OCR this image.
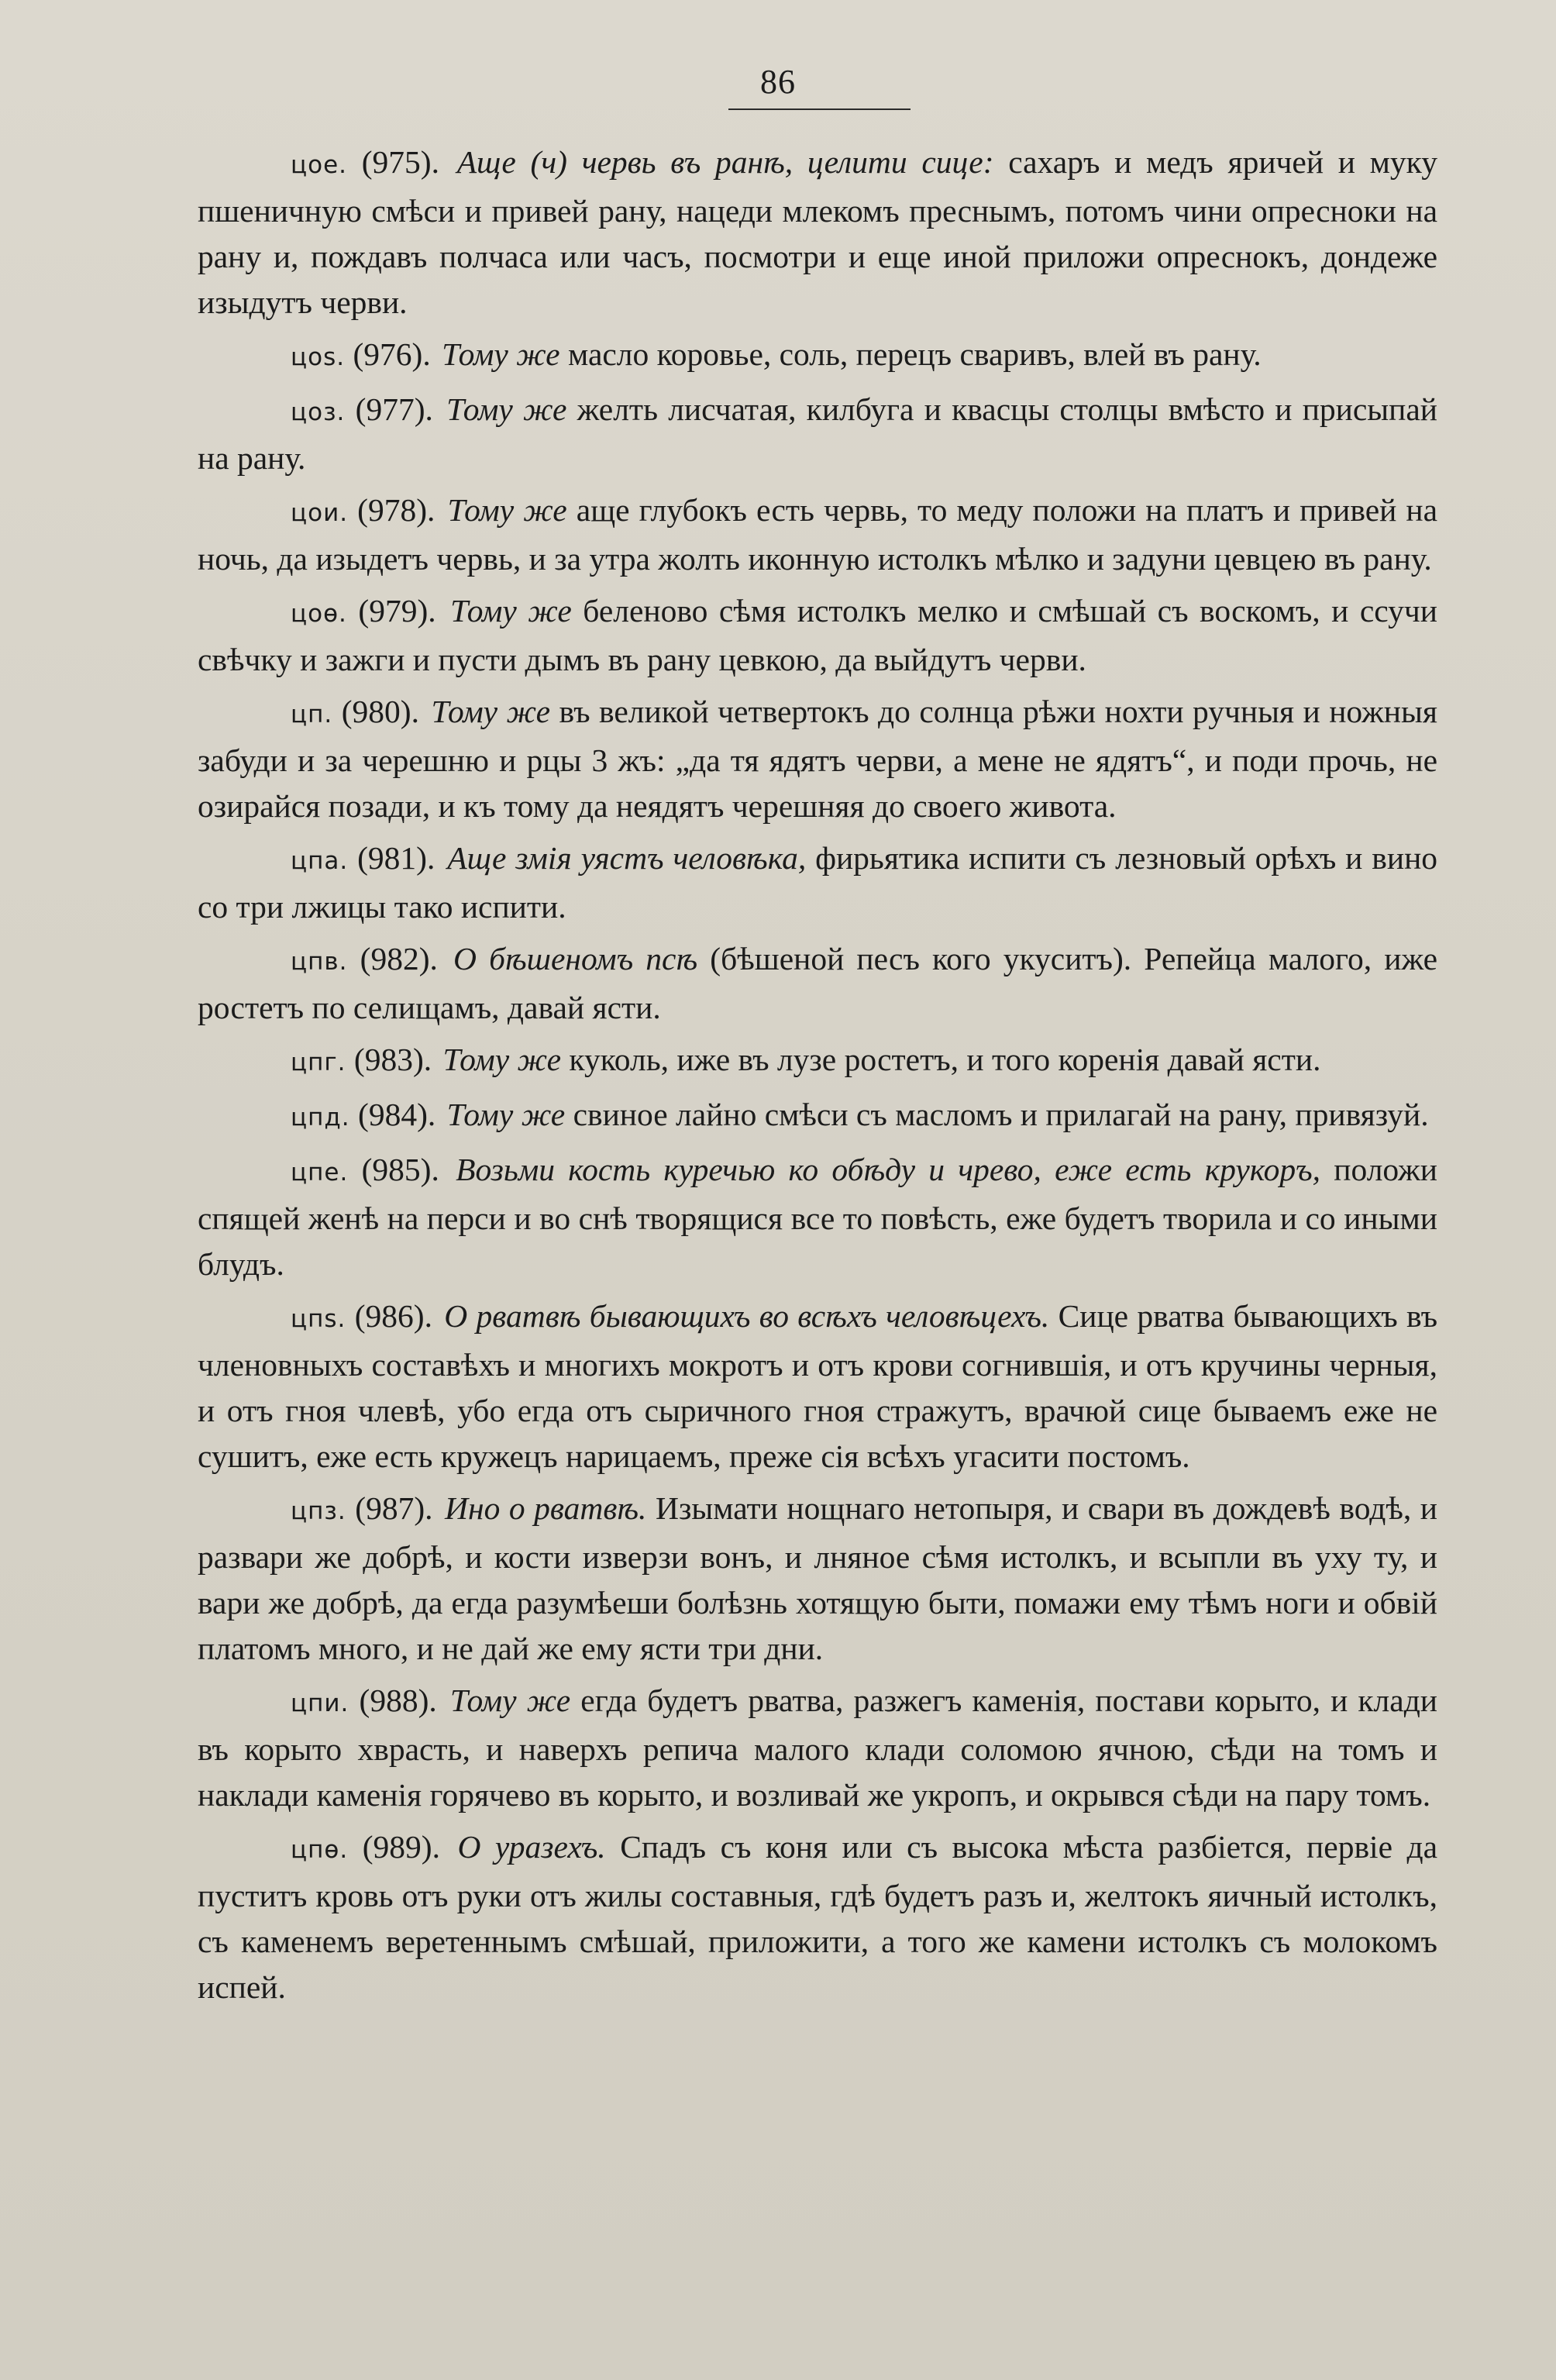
86

цое. (975). Аще (ч) червь въ ранѣ, целити сице: сахаръ и медъ яричей и муку пшеничную смѣси и привей рану, нацеди млекомъ преснымъ, потомъ чини опресноки на рану и, пождавъ полчаса или часъ, посмотри и еще иной приложи опреснокъ, дондеже изыдутъ черви.

цоѕ. (976). Тому же масло коровье, соль, перецъ сваривъ, влей въ рану.

цоз. (977). Тому же желть лисчатая, килбуга и квасцы столцы вмѣсто и присыпай на рану.

цои. (978). Тому же аще глубокъ есть червь, то меду положи на платъ и привей на ночь, да изыдетъ червь, и за утра жолть иконную истолкъ мѣлко и задуни цевцею въ рану.

цоѳ. (979). Тому же беленово сѣмя истолкъ мелко и смѣшай съ воскомъ, и ссучи свѣчку и зажги и пусти дымъ въ рану цевкою, да выйдутъ черви.

цп. (980). Тому же въ великой четвертокъ до солнца рѣжи нохти ручныя и ножныя забуди и за черешню и рцы 3 жъ: „да тя ядятъ черви, а мене не ядятъ“, и поди прочь, не озирайся позади, и къ тому да неядятъ черешняя до своего живота.

цпа. (981). Аще змія уястъ человѣка, фирьятика испити съ лезновый орѣхъ и вино со три лжицы тако испити.

цпв. (982). О бѣшеномъ псѣ (бѣшеной песъ кого укуситъ). Репейца малого, иже ростетъ по селищамъ, давай ясти.

цпг. (983). Тому же куколь, иже въ лузе ростетъ, и того коренія давай ясти.

цпд. (984). Тому же свиное лайно смѣси съ масломъ и прилагай на рану, привязуй.

цпе. (985). Возьми кость куречью ко обѣду и чрево, еже есть крукоръ, положи спящей женѣ на перси и во снѣ творящися все то повѣсть, еже будетъ творила и со иными блудъ.

цпѕ. (986). О рватвѣ бывающихъ во всѣхъ человѣцехъ. Сице рватва бывающихъ въ членовныхъ составѣхъ и многихъ мокротъ и отъ крови согнившія, и отъ кручины черныя, и отъ гноя члевѣ, убо егда отъ сыричного гноя стражутъ, врачюй сице бываемъ еже не сушитъ, еже есть кружецъ нарицаемъ, преже сія всѣхъ угасити постомъ.

цпз. (987). Ино о рватвѣ. Изымати нощнаго нетопыря, и свари въ дождевѣ водѣ, и развари же добрѣ, и кости изверзи вонъ, и лняное сѣмя истолкъ, и всыпли въ уху ту, и вари же добрѣ, да егда разумѣеши болѣзнь хотящую быти, помажи ему тѣмъ ноги и обвій платомъ много, и не дай же ему ясти три дни.

цпи. (988). Тому же егда будетъ рватва, разжегъ каменія, постави корыто, и клади въ корыто хврасть, и наверхъ репича малого клади соломою ячною, сѣди на томъ и наклади каменія горячево въ корыто, и возливай же укропъ, и окрывся сѣди на пару томъ.

цпѳ. (989). О уразехъ. Спадъ съ коня или съ высока мѣста разбіется, первіе да пуститъ кровь отъ руки отъ жилы составныя, гдѣ будетъ разъ и, желтокъ яичный истолкъ, съ каменемъ веретеннымъ смѣшай, приложити, а того же камени истолкъ съ молокомъ испей.
